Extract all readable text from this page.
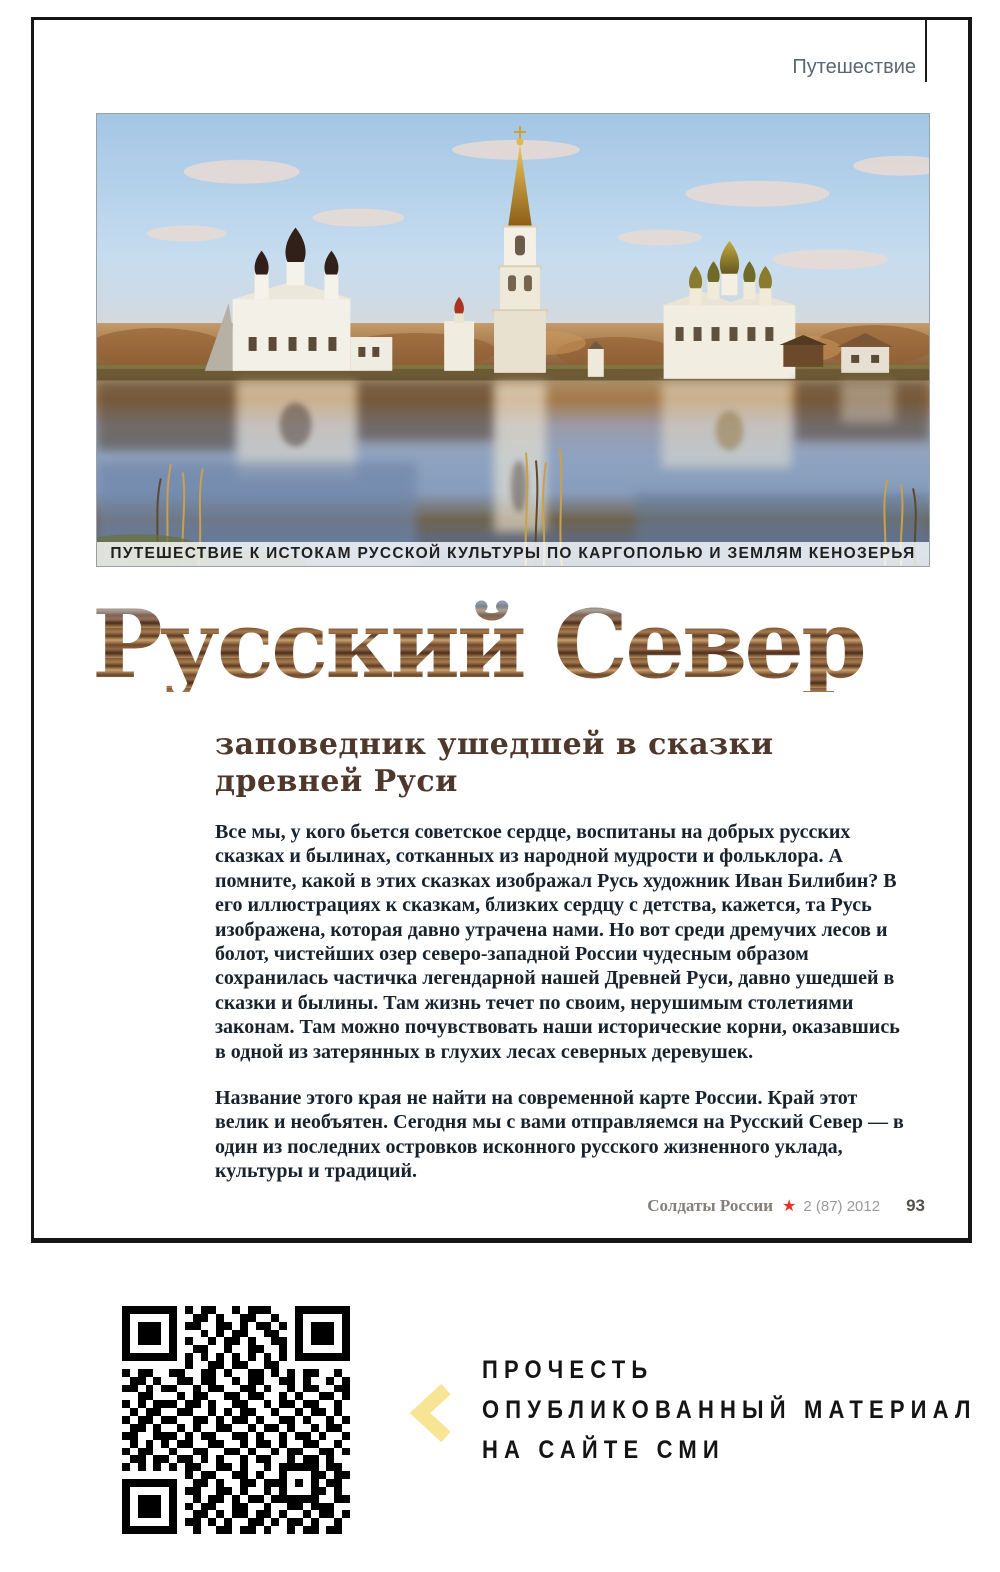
Путешествие
ПУТЕШЕСТВИЕ К ИСТОКАМ РУССКОЙ КУЛЬТУРЫ ПО КАРГОПОЛЬЮ И ЗЕМЛЯМ КЕНОЗЕРЬЯ
Русский Север
заповедник ушедшей в сказки
древней Руси

Все мы, у кого бьется советское сердце, воспитаны на добрых русских сказках и былинах, сотканных из народной мудрости и фольклора. А помните, какой в этих сказках изображал Русь художник Иван Билибин? В его иллюстрациях к сказкам, близких сердцу с детства, кажется, та Русь изображена, которая давно утрачена нами. Но вот среди дремучих лесов и болот, чистейших озер северо-западной России чудесным образом сохранилась частичка легендарной нашей Древней Руси, давно ушедшей в сказки и былины. Там жизнь течет по своим, нерушимым столетиями законам. Там можно почувствовать наши исторические корни, оказавшись в одной из затерянных в глухих лесах северных деревушек.

Название этого края не найти на современной карте России. Край этот велик и необъятен. Сегодня мы с вами отправляемся на Русский Север — в один из последних островков исконного русского жизненного уклада, культуры и традиций.

Солдаты России ★ 2 (87) 2012 93
ПРОЧЕСТЬ
ОПУБЛИКОВАННЫЙ МАТЕРИАЛ
НА САЙТЕ СМИ
